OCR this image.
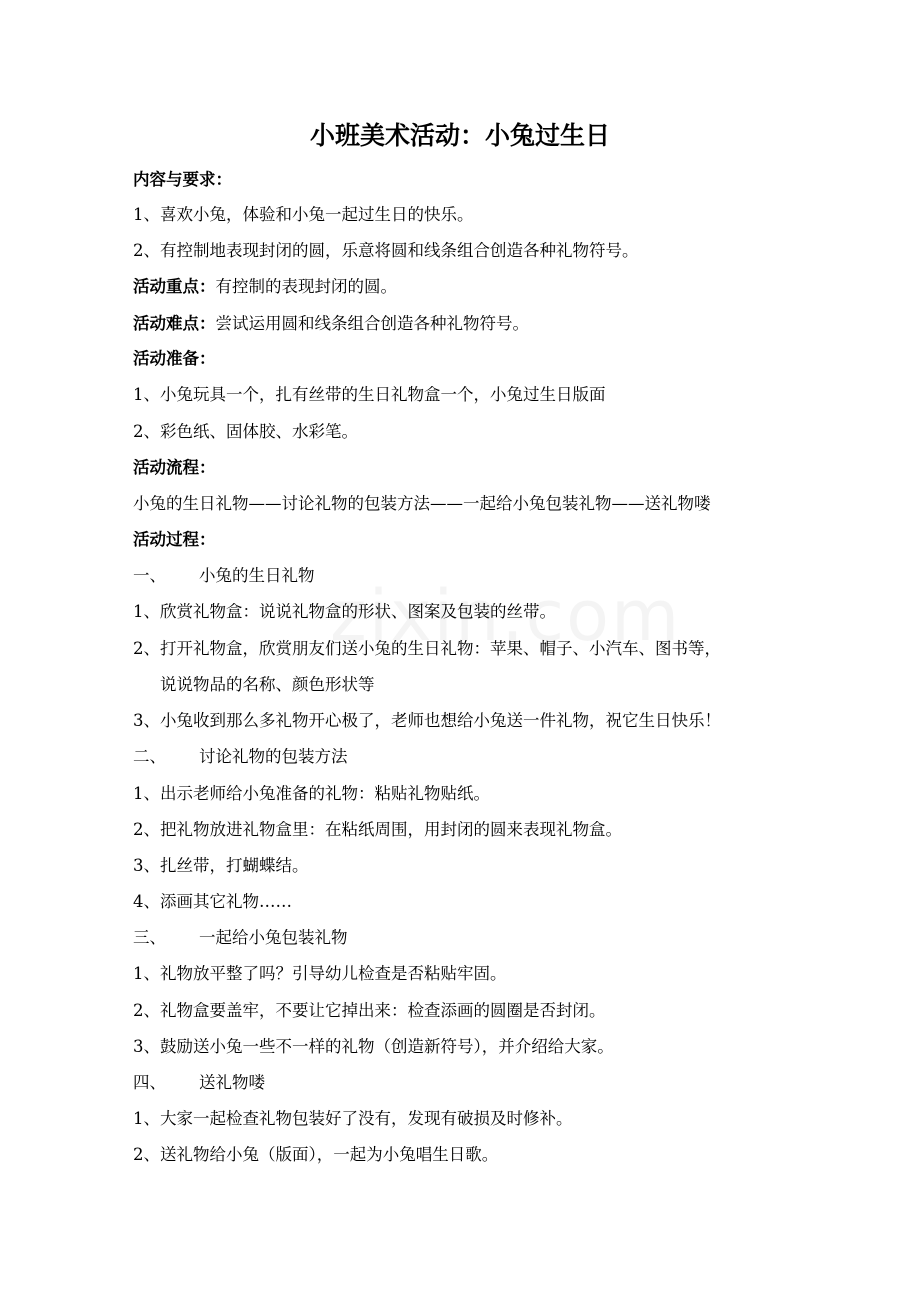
小班美术活动：小兔过生日
内容与要求：
1、喜欢小兔，体验和小兔一起过生日的快乐。
2、有控制地表现封闭的圆，乐意将圆和线条组合创造各种礼物符号。
活动重点：有控制的表现封闭的圆。
活动难点：尝试运用圆和线条组合创造各种礼物符号。
活动准备：
1、小兔玩具一个，扎有丝带的生日礼物盒一个，小兔过生日版面
2、彩色纸、固体胶、水彩笔。
活动流程：
小兔的生日礼物——讨论礼物的包装方法——一起给小兔包装礼物——送礼物喽
活动过程：
一、 小兔的生日礼物
1、欣赏礼物盒：说说礼物盒的形状、图案及包装的丝带。
2、打开礼物盒，欣赏朋友们送小兔的生日礼物：苹果、帽子、小汽车、图书等，
说说物品的名称、颜色形状等
3、小兔收到那么多礼物开心极了，老师也想给小兔送一件礼物，祝它生日快乐！
二、 讨论礼物的包装方法
1、出示老师给小兔准备的礼物：粘贴礼物贴纸。
2、把礼物放进礼物盒里：在粘纸周围，用封闭的圆来表现礼物盒。
3、扎丝带，打蝴蝶结。
4、添画其它礼物……
三、 一起给小兔包装礼物
1、礼物放平整了吗？引导幼儿检查是否粘贴牢固。
2、礼物盒要盖牢，不要让它掉出来：检查添画的圆圈是否封闭。
3、鼓励送小兔一些不一样的礼物（创造新符号），并介绍给大家。
四、 送礼物喽
1、大家一起检查礼物包装好了没有，发现有破损及时修补。
2、送礼物给小兔（版面），一起为小兔唱生日歌。
